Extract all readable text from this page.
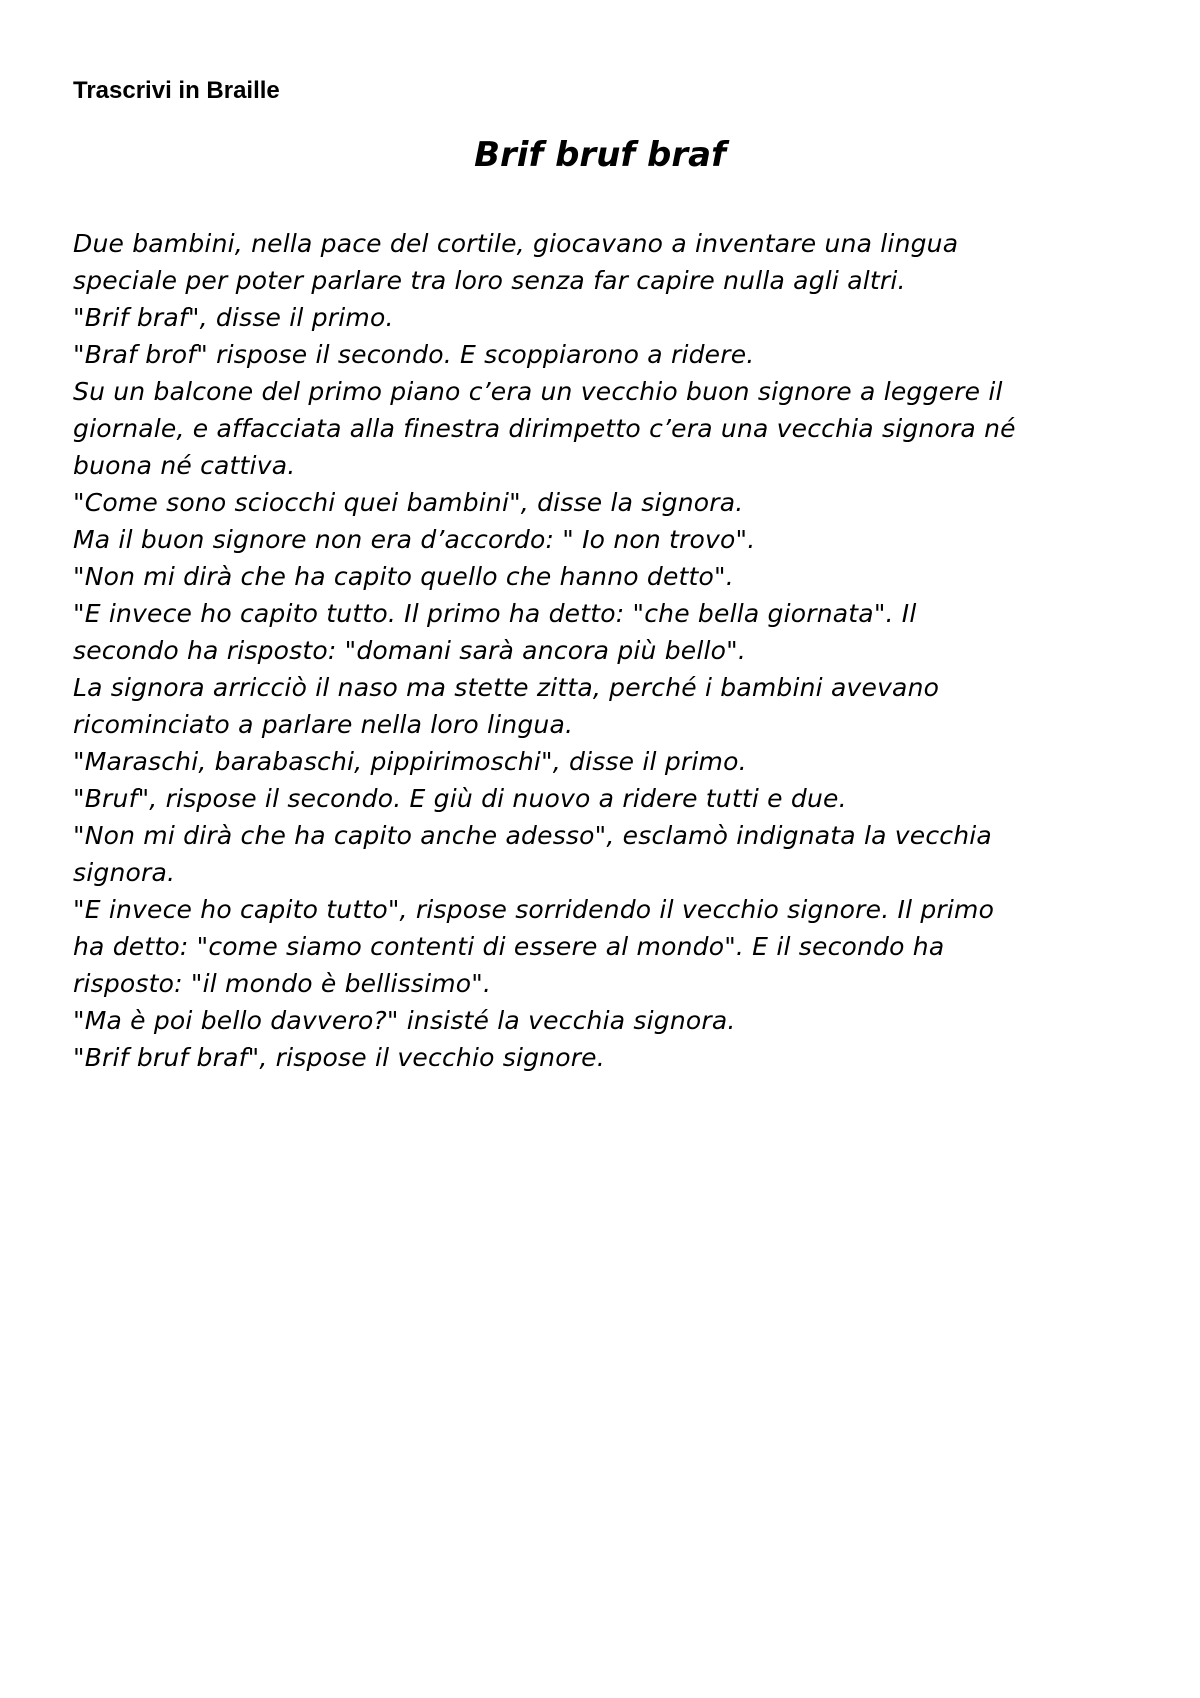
Trascrivi in Braille
Brif bruf braf
Due bambini, nella pace del cortile, giocavano a inventare una lingua
speciale per poter parlare tra loro senza far capire nulla agli altri.
"Brif braf", disse il primo.
"Braf brof" rispose il secondo. E scoppiarono a ridere.
Su un balcone del primo piano c’era un vecchio buon signore a leggere il
giornale, e affacciata alla finestra dirimpetto c’era una vecchia signora né
buona né cattiva.
"Come sono sciocchi quei bambini", disse la signora.
Ma il buon signore non era d’accordo: " Io non trovo".
"Non mi dirà che ha capito quello che hanno detto".
"E invece ho capito tutto. Il primo ha detto: "che bella giornata". Il
secondo ha risposto: "domani sarà ancora più bello".
La signora arricciò il naso ma stette zitta, perché i bambini avevano
ricominciato a parlare nella loro lingua.
"Maraschi, barabaschi, pippirimoschi", disse il primo.
"Bruf", rispose il secondo. E giù di nuovo a ridere tutti e due.
"Non mi dirà che ha capito anche adesso", esclamò indignata la vecchia
signora.
"E invece ho capito tutto", rispose sorridendo il vecchio signore. Il primo
ha detto: "come siamo contenti di essere al mondo". E il secondo ha
risposto: "il mondo è bellissimo".
"Ma è poi bello davvero?" insisté la vecchia signora.
"Brif bruf braf", rispose il vecchio signore.
